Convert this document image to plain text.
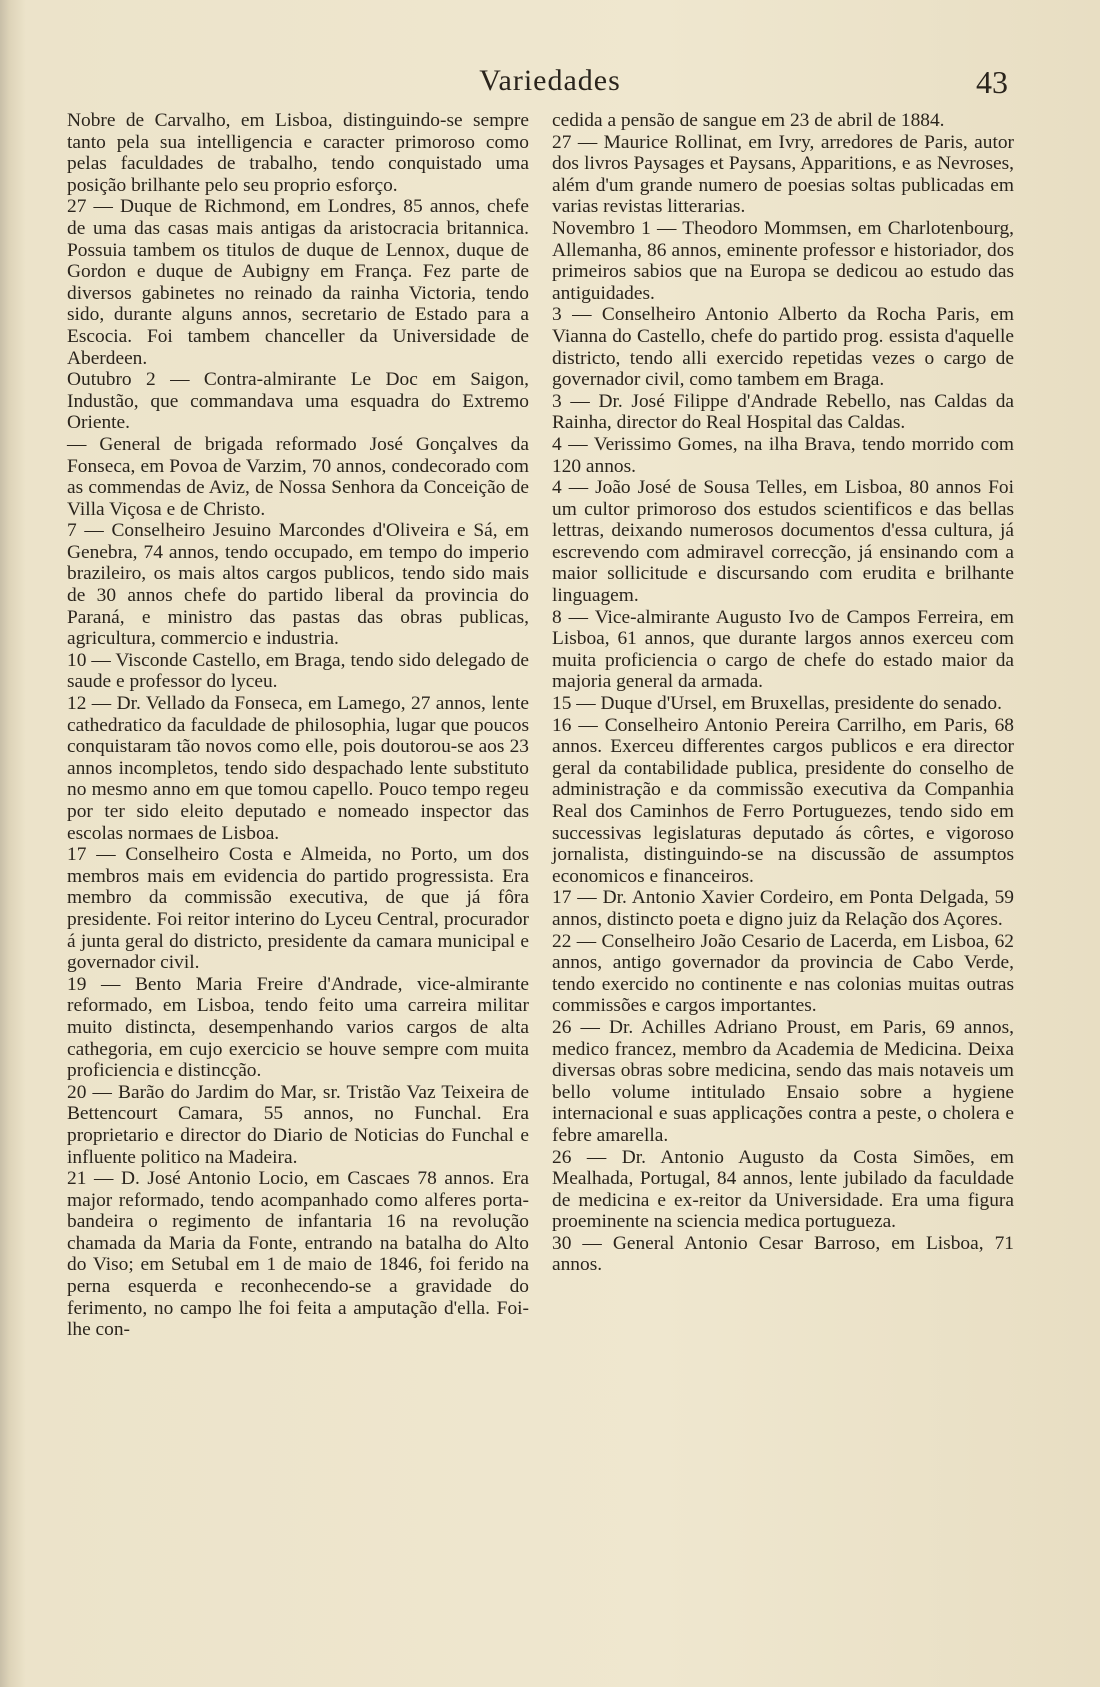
Variedades	43

Nobre de Carvalho, em Lisboa, distinguindo-se sempre tanto pela sua intelligencia e caracter primoroso como pelas faculdades de trabalho, tendo conquistado uma posição brilhante pelo seu proprio esforço.

27 — Duque de Richmond, em Londres, 85 annos, chefe de uma das casas mais antigas da aristocracia britannica. Possuia tambem os titulos de duque de Lennox, duque de Gordon e duque de Aubigny em França. Fez parte de diversos gabinetes no reinado da rainha Victoria, tendo sido, durante alguns annos, secretario de Estado para a Escocia. Foi tambem chanceller da Universidade de Aberdeen.

Outubro 2 — Contra-almirante Le Doc em Saigon, Industão, que commandava uma esquadra do Extremo Oriente.

— General de brigada reformado José Gonçalves da Fonseca, em Povoa de Varzim, 70 annos, condecorado com as commendas de Aviz, de Nossa Senhora da Conceição de Villa Viçosa e de Christo.

7 — Conselheiro Jesuino Marcondes d'Oliveira e Sá, em Genebra, 74 annos, tendo occupado, em tempo do imperio brazileiro, os mais altos cargos publicos, tendo sido mais de 30 annos chefe do partido liberal da provincia do Paraná, e ministro das pastas das obras publicas, agricultura, commercio e industria.

10 — Visconde Castello, em Braga, tendo sido delegado de saude e professor do lyceu.

12 — Dr. Vellado da Fonseca, em Lamego, 27 annos, lente cathedratico da faculdade de philosophia, lugar que poucos conquistaram tão novos como elle, pois doutorou-se aos 23 annos incompletos, tendo sido despachado lente substituto no mesmo anno em que tomou capello. Pouco tempo regeu por ter sido eleito deputado e nomeado inspector das escolas normaes de Lisboa.

17 — Conselheiro Costa e Almeida, no Porto, um dos membros mais em evidencia do partido progressista. Era membro da commissão executiva, de que já fôra presidente. Foi reitor interino do Lyceu Central, procurador á junta geral do districto, presidente da camara municipal e governador civil.

19 — Bento Maria Freire d'Andrade, vice-almirante reformado, em Lisboa, tendo feito uma carreira militar muito distincta, desempenhando varios cargos de alta cathegoria, em cujo exercicio se houve sempre com muita proficiencia e distincção.

20 — Barão do Jardim do Mar, sr. Tristão Vaz Teixeira de Bettencourt Camara, 55 annos, no Funchal. Era proprietario e director do Diario de Noticias do Funchal e influente politico na Madeira.

21 — D. José Antonio Locio, em Cascaes 78 annos. Era major reformado, tendo acompanhado como alferes porta-bandeira o regimento de infantaria 16 na revolução chamada da Maria da Fonte, entrando na batalha do Alto do Viso; em Setubal em 1 de maio de 1846, foi ferido na perna esquerda e reconhecendo-se a gravidade do ferimento, no campo lhe foi feita a amputação d'ella. Foi-lhe con-

cedida a pensão de sangue em 23 de abril de 1884.

27 — Maurice Rollinat, em Ivry, arredores de Paris, autor dos livros Paysages et Paysans, Apparitions, e as Nevroses, além d'um grande numero de poesias soltas publicadas em varias revistas litterarias.

Novembro 1 — Theodoro Mommsen, em Charlotenbourg, Allemanha, 86 annos, eminente professor e historiador, dos primeiros sabios que na Europa se dedicou ao estudo das antiguidades.

3 — Conselheiro Antonio Alberto da Rocha Paris, em Vianna do Castello, chefe do partido prog. essista d'aquelle districto, tendo alli exercido repetidas vezes o cargo de governador civil, como tambem em Braga.

3 — Dr. José Filippe d'Andrade Rebello, nas Caldas da Rainha, director do Real Hospital das Caldas.

4 — Verissimo Gomes, na ilha Brava, tendo morrido com 120 annos.

4 — João José de Sousa Telles, em Lisboa, 80 annos Foi um cultor primoroso dos estudos scientificos e das bellas lettras, deixando numerosos documentos d'essa cultura, já escrevendo com admiravel correcção, já ensinando com a maior sollicitude e discursando com erudita e brilhante linguagem.

8 — Vice-almirante Augusto Ivo de Campos Ferreira, em Lisboa, 61 annos, que durante largos annos exerceu com muita proficiencia o cargo de chefe do estado maior da majoria general da armada.

15 — Duque d'Ursel, em Bruxellas, presidente do senado.

16 — Conselheiro Antonio Pereira Carrilho, em Paris, 68 annos. Exerceu differentes cargos publicos e era director geral da contabilidade publica, presidente do conselho de administração e da commissão executiva da Companhia Real dos Caminhos de Ferro Portuguezes, tendo sido em successivas legislaturas deputado ás côrtes, e vigoroso jornalista, distinguindo-se na discussão de assumptos economicos e financeiros.

17 — Dr. Antonio Xavier Cordeiro, em Ponta Delgada, 59 annos, distincto poeta e digno juiz da Relação dos Açores.

22 — Conselheiro João Cesario de Lacerda, em Lisboa, 62 annos, antigo governador da provincia de Cabo Verde, tendo exercido no continente e nas colonias muitas outras commissões e cargos importantes.

26 — Dr. Achilles Adriano Proust, em Paris, 69 annos, medico francez, membro da Academia de Medicina. Deixa diversas obras sobre medicina, sendo das mais notaveis um bello volume intitulado Ensaio sobre a hygiene internacional e suas applicações contra a peste, o cholera e febre amarella.

26 — Dr. Antonio Augusto da Costa Simões, em Mealhada, Portugal, 84 annos, lente jubilado da faculdade de medicina e ex-reitor da Universidade. Era uma figura proeminente na sciencia medica portugueza.

30 — General Antonio Cesar Barroso, em Lisboa, 71 annos.
